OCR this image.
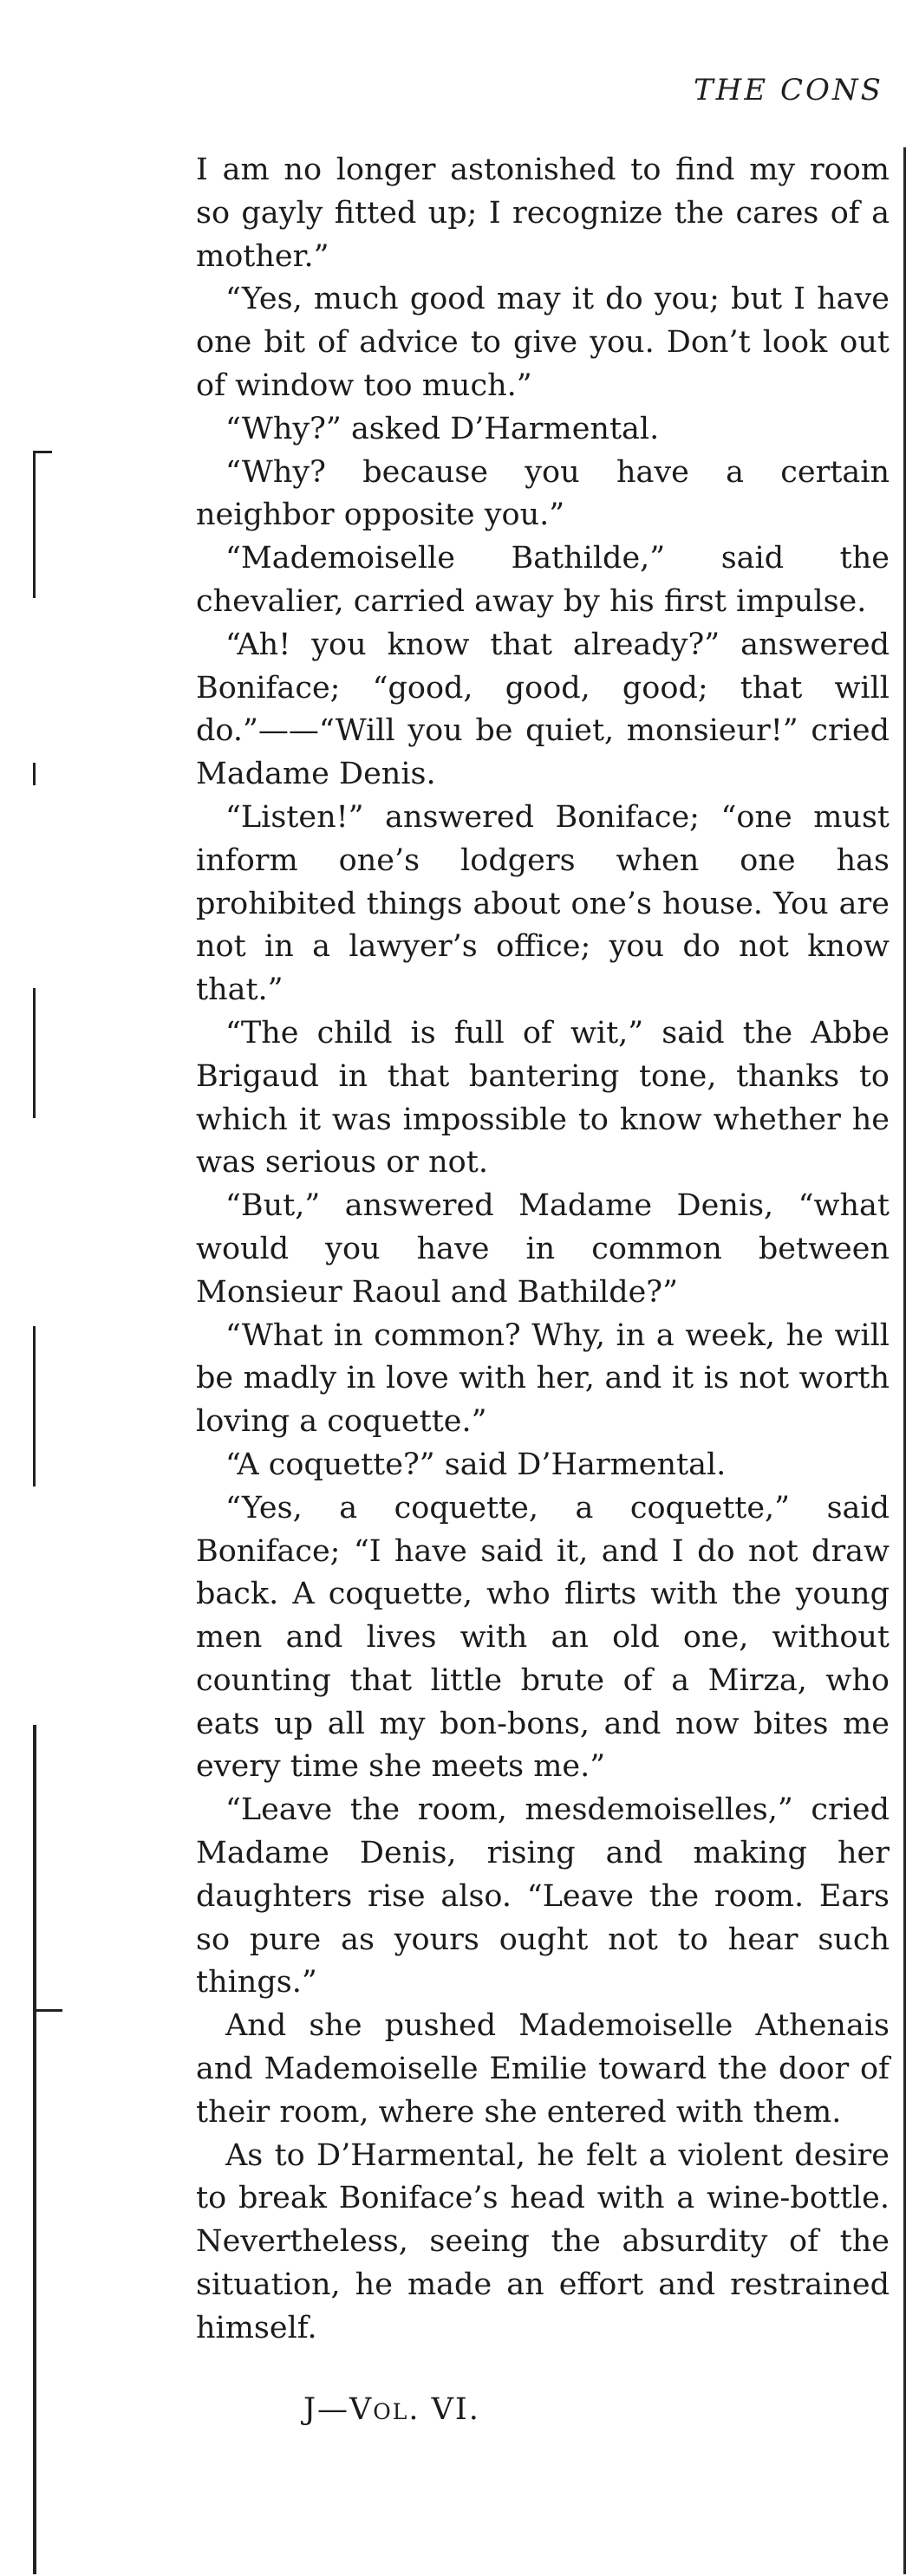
THE CONS

I am no longer astonished to find my room so gayly fitted up; I recognize the cares of a mother.”

“Yes, much good may it do you; but I have one bit of advice to give you. Don’t look out of window too much.”

“Why?” asked D’Harmental.

“Why? because you have a certain neighbor opposite you.”

“Mademoiselle Bathilde,” said the chevalier, carried away by his first impulse.

“Ah! you know that already?” answered Boniface; “good, good, good; that will do.”——“Will you be quiet, monsieur!” cried Madame Denis.

“Listen!” answered Boniface; “one must inform one’s lodgers when one has prohibited things about one’s house. You are not in a lawyer’s office; you do not know that.”

“The child is full of wit,” said the Abbe Brigaud in that bantering tone, thanks to which it was impossible to know whether he was serious or not.

“But,” answered Madame Denis, “what would you have in common between Monsieur Raoul and Bathilde?”

“What in common? Why, in a week, he will be madly in love with her, and it is not worth loving a coquette.”

“A coquette?” said D’Harmental.

“Yes, a coquette, a coquette,” said Boniface; “I have said it, and I do not draw back. A coquette, who flirts with the young men and lives with an old one, without counting that little brute of a Mirza, who eats up all my bon-bons, and now bites me every time she meets me.”

“Leave the room, mesdemoiselles,” cried Madame Denis, rising and making her daughters rise also. “Leave the room. Ears so pure as yours ought not to hear such things.”

And she pushed Mademoiselle Athenais and Mademoiselle Emilie toward the door of their room, where she entered with them.

As to D’Harmental, he felt a violent desire to break Boniface’s head with a wine-bottle. Nevertheless, seeing the absurdity of the situation, he made an effort and restrained himself.

J—Vol. VI.
